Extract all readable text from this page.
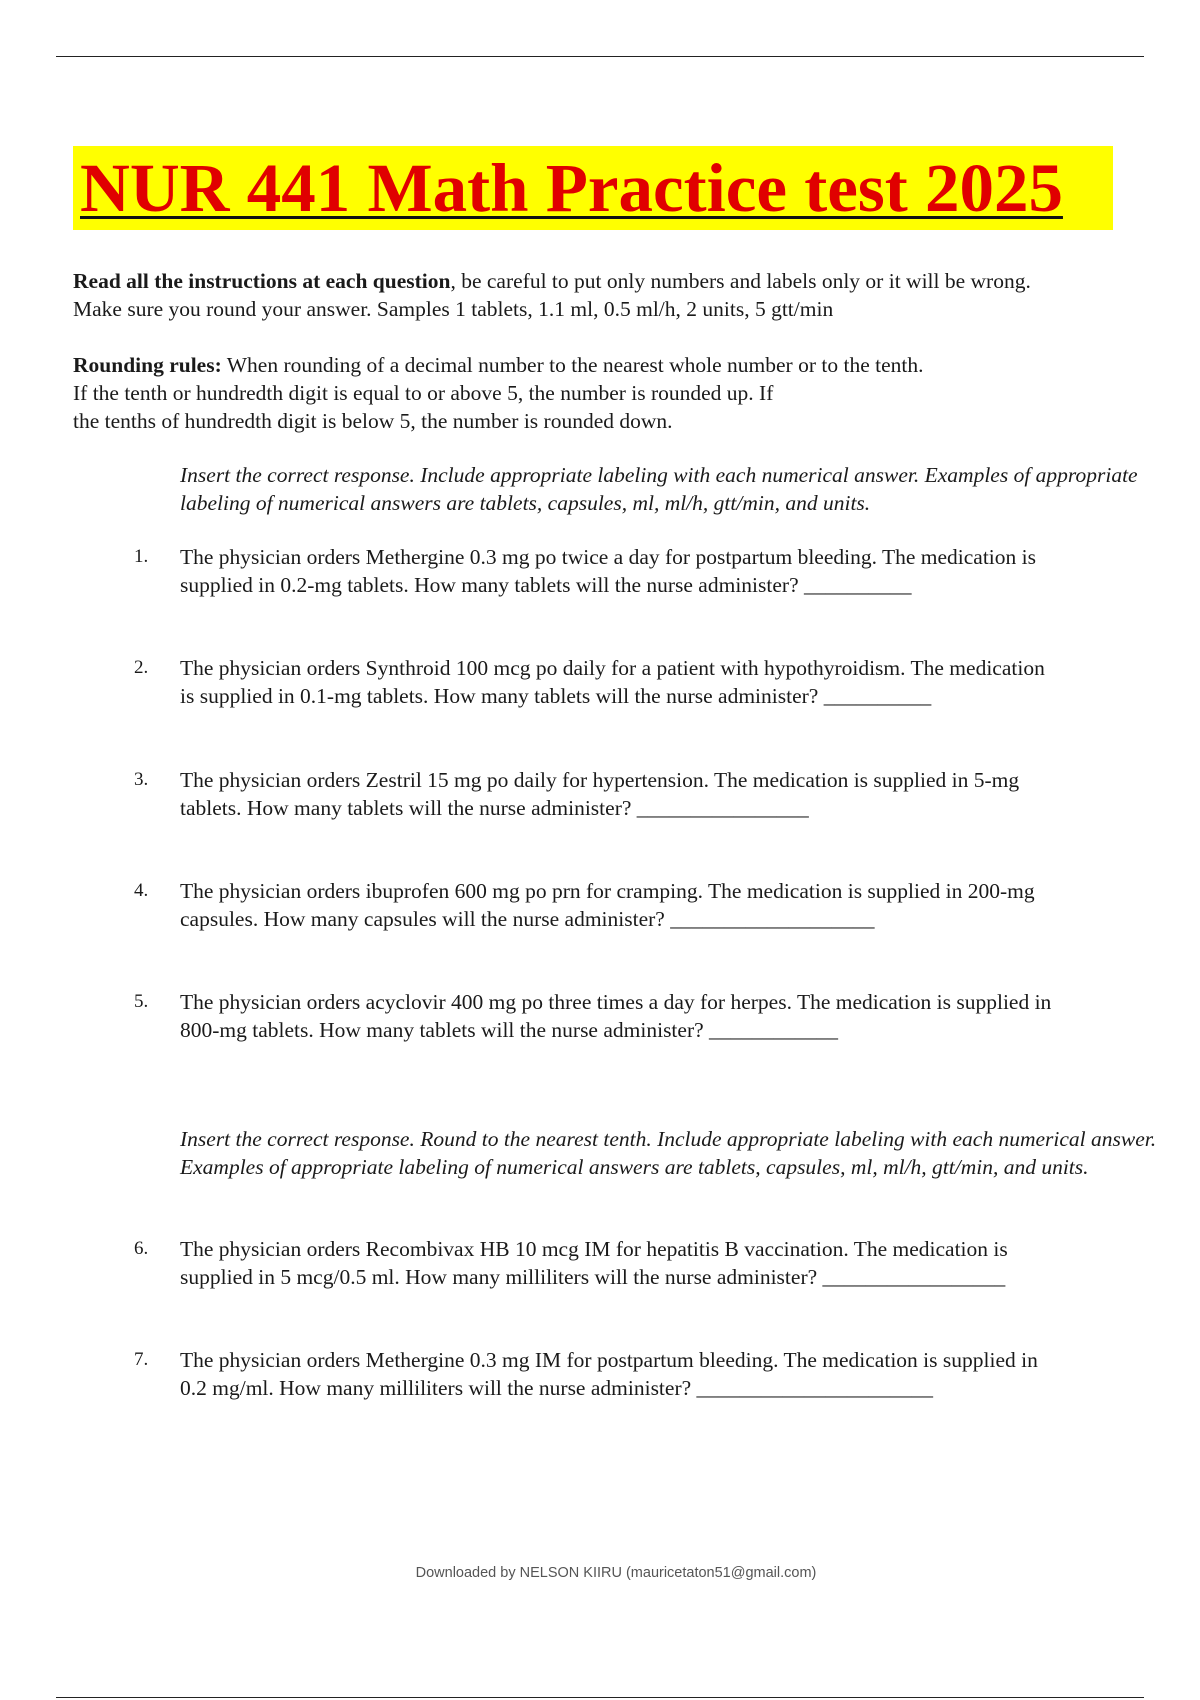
NUR 441 Math Practice test 2025
Read all the instructions at each question, be careful to put only numbers and labels only or it will be wrong.
Make sure you round your answer. Samples 1 tablets, 1.1 ml, 0.5 ml/h, 2 units, 5 gtt/min
Rounding rules: When rounding of a decimal number to the nearest whole number or to the tenth.
If the tenth or hundredth digit is equal to or above 5, the number is rounded up. If
the tenths of hundredth digit is below 5, the number is rounded down.
Insert the correct response. Include appropriate labeling with each numerical answer. Examples of appropriate labeling of numerical answers are tablets, capsules, ml, ml/h, gtt/min, and units.
1. The physician orders Methergine 0.3 mg po twice a day for postpartum bleeding. The medication is
supplied in 0.2-mg tablets. How many tablets will the nurse administer? __________
2. The physician orders Synthroid 100 mcg po daily for a patient with hypothyroidism. The medication
is supplied in 0.1-mg tablets. How many tablets will the nurse administer? __________
3. The physician orders Zestril 15 mg po daily for hypertension. The medication is supplied in 5-mg
tablets. How many tablets will the nurse administer? ________________
4. The physician orders ibuprofen 600 mg po prn for cramping. The medication is supplied in 200-mg
capsules. How many capsules will the nurse administer? ___________________
5. The physician orders acyclovir 400 mg po three times a day for herpes. The medication is supplied in
800-mg tablets. How many tablets will the nurse administer? ____________
Insert the correct response. Round to the nearest tenth. Include appropriate labeling with each numerical answer. Examples of appropriate labeling of numerical answers are tablets, capsules, ml, ml/h, gtt/min, and units.
6. The physician orders Recombivax HB 10 mcg IM for hepatitis B vaccination. The medication is
supplied in 5 mcg/0.5 ml. How many milliliters will the nurse administer? _________________
7. The physician orders Methergine 0.3 mg IM for postpartum bleeding. The medication is supplied in
0.2 mg/ml. How many milliliters will the nurse administer? ______________________
Downloaded by NELSON KIIRU (mauricetaton51@gmail.com)
